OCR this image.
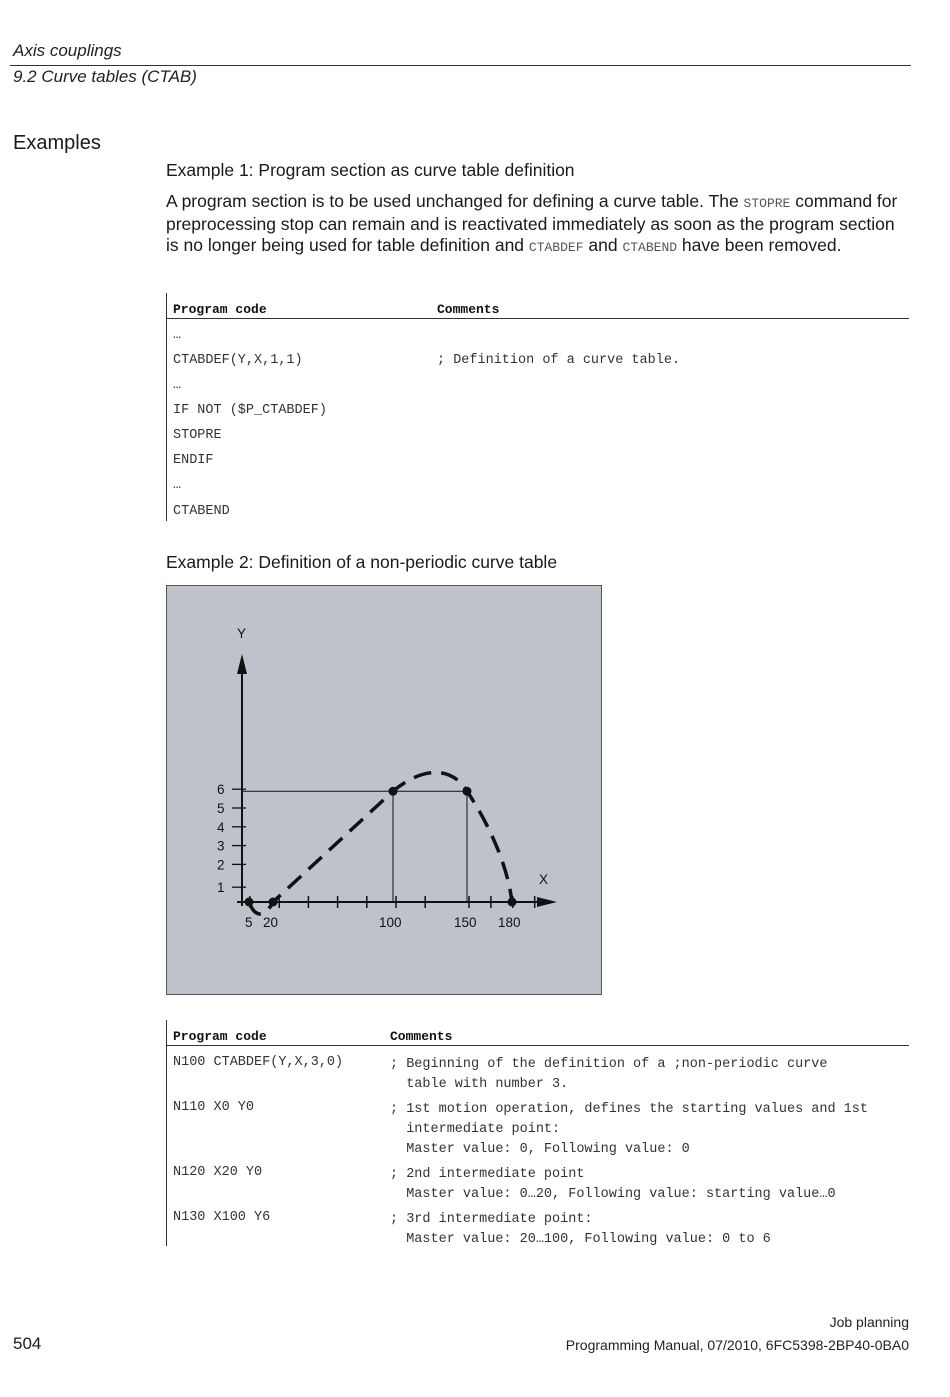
Axis couplings
9.2 Curve tables (CTAB)
Examples
Example 1: Program section as curve table definition
A program section is to be used unchanged for defining a curve table. The STOPRE command for preprocessing stop can remain and is reactivated immediately as soon as the program section is no longer being used for table definition and CTABDEF and CTABEND have been removed.
Program code	Comments
…
CTABDEF(Y,X,1,1)	; Definition of a curve table.
…
IF NOT ($P_CTABDEF)
STOPRE
ENDIF
…
CTABEND
Example 2: Definition of a non-periodic curve table
Y
X
1
2
3
4
5
6
5 20	100	150 180
Program code	Comments
N100 CTABDEF(Y,X,3,0)	; Beginning of the definition of a ;non-periodic curve
table with number 3.
N110 X0 Y0	; 1st motion operation, defines the starting values and 1st
intermediate point:
Master value: 0, Following value: 0
N120 X20 Y0	; 2nd intermediate point
Master value: 0…20, Following value: starting value…0
N130 X100 Y6	; 3rd intermediate point:
Master value: 20…100, Following value: 0 to 6
Job planning
504	Programming Manual, 07/2010, 6FC5398-2BP40-0BA0
